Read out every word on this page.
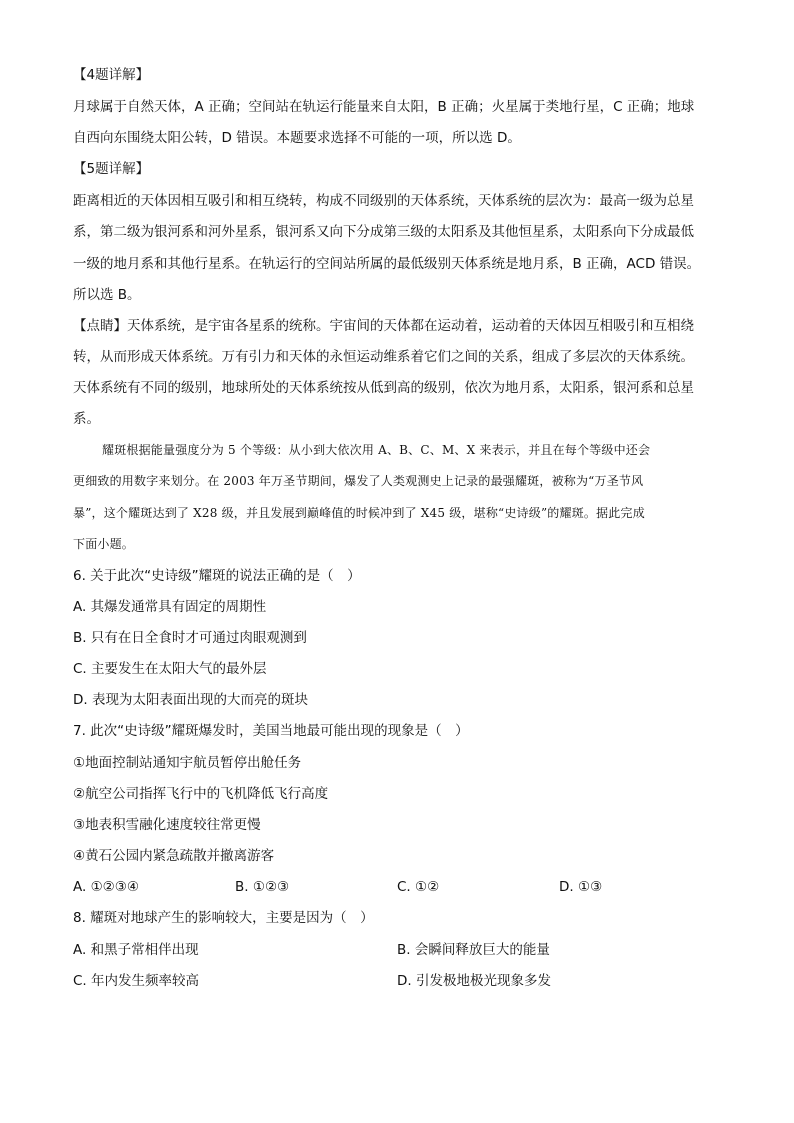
【4题详解】
月球属于自然天体，A 正确；空间站在轨运行能量来自太阳，B 正确；火星属于类地行星，C 正确；地球
自西向东围绕太阳公转，D 错误。本题要求选择不可能的一项，所以选 D。
【5题详解】
距离相近的天体因相互吸引和相互绕转，构成不同级别的天体系统，天体系统的层次为：最高一级为总星
系，第二级为银河系和河外星系，银河系又向下分成第三级的太阳系及其他恒星系，太阳系向下分成最低
一级的地月系和其他行星系。在轨运行的空间站所属的最低级别天体系统是地月系，B 正确，ACD 错误。
所以选 B。
【点睛】天体系统，是宇宙各星系的统称。宇宙间的天体都在运动着，运动着的天体因互相吸引和互相绕
转，从而形成天体系统。万有引力和天体的永恒运动维系着它们之间的关系，组成了多层次的天体系统。
天体系统有不同的级别，地球所处的天体系统按从低到高的级别，依次为地月系，太阳系，银河系和总星
系。
耀斑根据能量强度分为 5 个等级：从小到大依次用 A、B、C、M、X 来表示，并且在每个等级中还会
更细致的用数字来划分。在 2003 年万圣节期间，爆发了人类观测史上记录的最强耀斑，被称为“万圣节风
暴”，这个耀斑达到了 X28 级，并且发展到巅峰值的时候冲到了 X45 级，堪称“史诗级”的耀斑。据此完成
下面小题。
6. 关于此次“史诗级”耀斑的说法正确的是（　）
A. 其爆发通常具有固定的周期性
B. 只有在日全食时才可通过肉眼观测到
C. 主要发生在太阳大气的最外层
D. 表现为太阳表面出现的大而亮的斑块
7. 此次“史诗级”耀斑爆发时，美国当地最可能出现的现象是（　）
①地面控制站通知宇航员暂停出舱任务
②航空公司指挥飞行中的飞机降低飞行高度
③地表积雪融化速度较往常更慢
④黄石公园内紧急疏散并撤离游客
A. ①②③④	B. ①②③	C. ①②	D. ①③
8. 耀斑对地球产生的影响较大，主要是因为（　）
A. 和黑子常相伴出现	B. 会瞬间释放巨大的能量
C. 年内发生频率较高	D. 引发极地极光现象多发
